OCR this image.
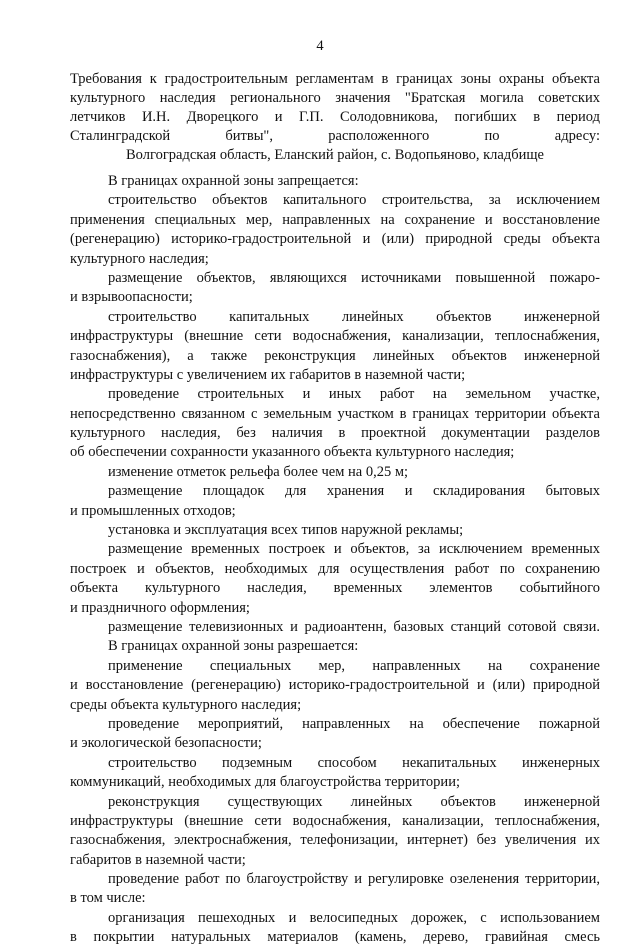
4
Требования к градостроительным регламентам в границах зоны охраны объекта
культурного наследия регионального значения "Братская могила советских
летчиков И.Н. Дворецкого и Г.П. Солодовникова, погибших в период
Сталинградской битвы", расположенного по адресу:
Волгоградская область, Еланский район, с. Водопьяново, кладбище
В границах охранной зоны запрещается:
строительство объектов капитального строительства, за исключением
применения специальных мер, направленных на сохранение и восстановление
(регенерацию) историко-градостроительной и (или) природной среды объекта
культурного наследия;
размещение объектов, являющихся источниками повышенной пожаро-
и взрывоопасности;
строительство капитальных линейных объектов инженерной
инфраструктуры (внешние сети водоснабжения, канализации, теплоснабжения,
газоснабжения), а также реконструкция линейных объектов инженерной
инфраструктуры с увеличением их габаритов в наземной части;
проведение строительных и иных работ на земельном участке,
непосредственно связанном с земельным участком в границах территории объекта
культурного наследия, без наличия в проектной документации разделов
об обеспечении сохранности указанного объекта культурного наследия;
изменение отметок рельефа более чем на 0,25 м;
размещение площадок для хранения и складирования бытовых
и промышленных отходов;
установка и эксплуатация всех типов наружной рекламы;
размещение временных построек и объектов, за исключением временных
построек и объектов, необходимых для осуществления работ по сохранению
объекта культурного наследия, временных элементов событийного
и праздничного оформления;
размещение телевизионных и радиоантенн, базовых станций сотовой связи.
В границах охранной зоны разрешается:
применение специальных мер, направленных на сохранение
и восстановление (регенерацию) историко-градостроительной и (или) природной
среды объекта культурного наследия;
проведение мероприятий, направленных на обеспечение пожарной
и экологической безопасности;
строительство подземным способом некапитальных инженерных
коммуникаций, необходимых для благоустройства территории;
реконструкция существующих линейных объектов инженерной
инфраструктуры (внешние сети водоснабжения, канализации, теплоснабжения,
газоснабжения, электроснабжения, телефонизации, интернет) без увеличения их
габаритов в наземной части;
проведение работ по благоустройству и регулировке озеленения территории,
в том числе:
организация пешеходных и велосипедных дорожек, с использованием
в покрытии натуральных материалов (камень, дерево, гравийная смесь
